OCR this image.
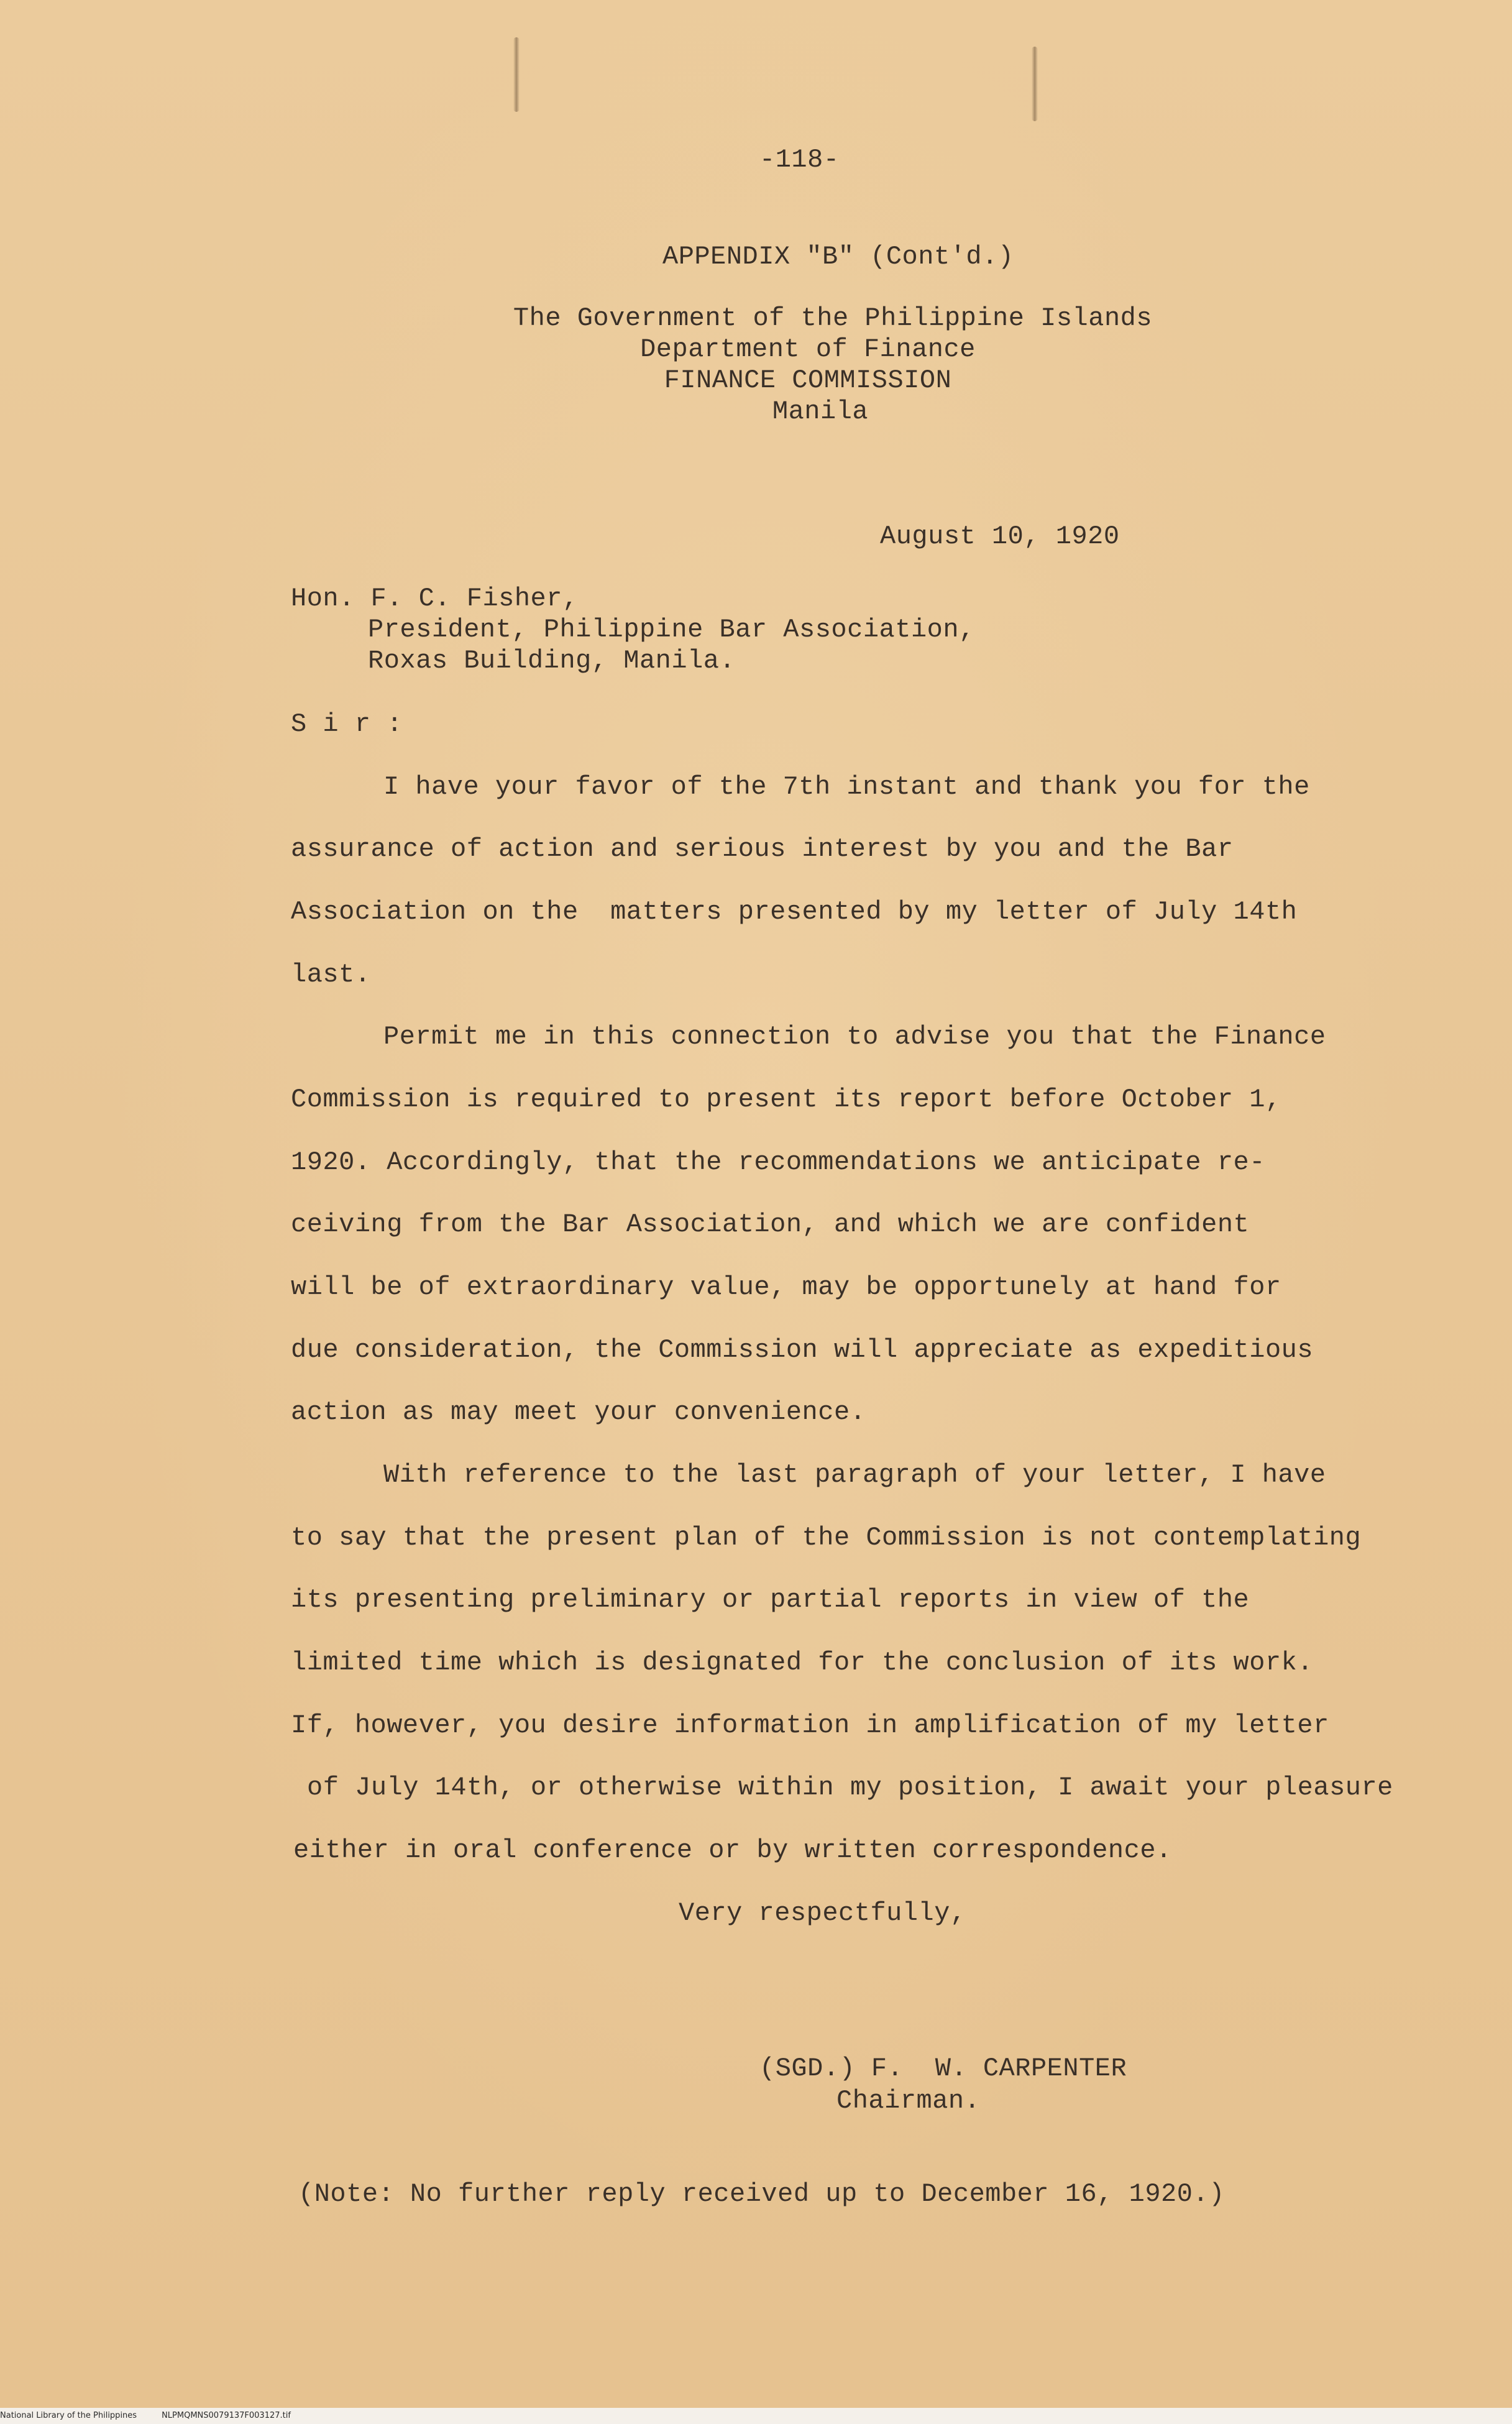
-118-
APPENDIX "B" (Cont'd.)
The Government of the Philippine Islands
Department of Finance
FINANCE COMMISSION
Manila
August 10, 1920
Hon. F. C. Fisher,
President, Philippine Bar Association,
Roxas Building, Manila.
S i r :
I have your favor of the 7th instant and thank you for the
assurance of action and serious interest by you and the Bar
Association on the  matters presented by my letter of July 14th
last.
Permit me in this connection to advise you that the Finance
Commission is required to present its report before October 1,
1920. Accordingly, that the recommendations we anticipate re-
ceiving from the Bar Association, and which we are confident
will be of extraordinary value, may be opportunely at hand for
due consideration, the Commission will appreciate as expeditious
action as may meet your convenience.
With reference to the last paragraph of your letter, I have
to say that the present plan of the Commission is not contemplating
its presenting preliminary or partial reports in view of the
limited time which is designated for the conclusion of its work.
If, however, you desire information in amplification of my letter
of July 14th, or otherwise within my position, I await your pleasure
either in oral conference or by written correspondence.
Very respectfully,
(SGD.) F.  W. CARPENTER
Chairman.
(Note: No further reply received up to December 16, 1920.)
National Library of the Philippines	NLPMQMNS0079137F003127.tif
